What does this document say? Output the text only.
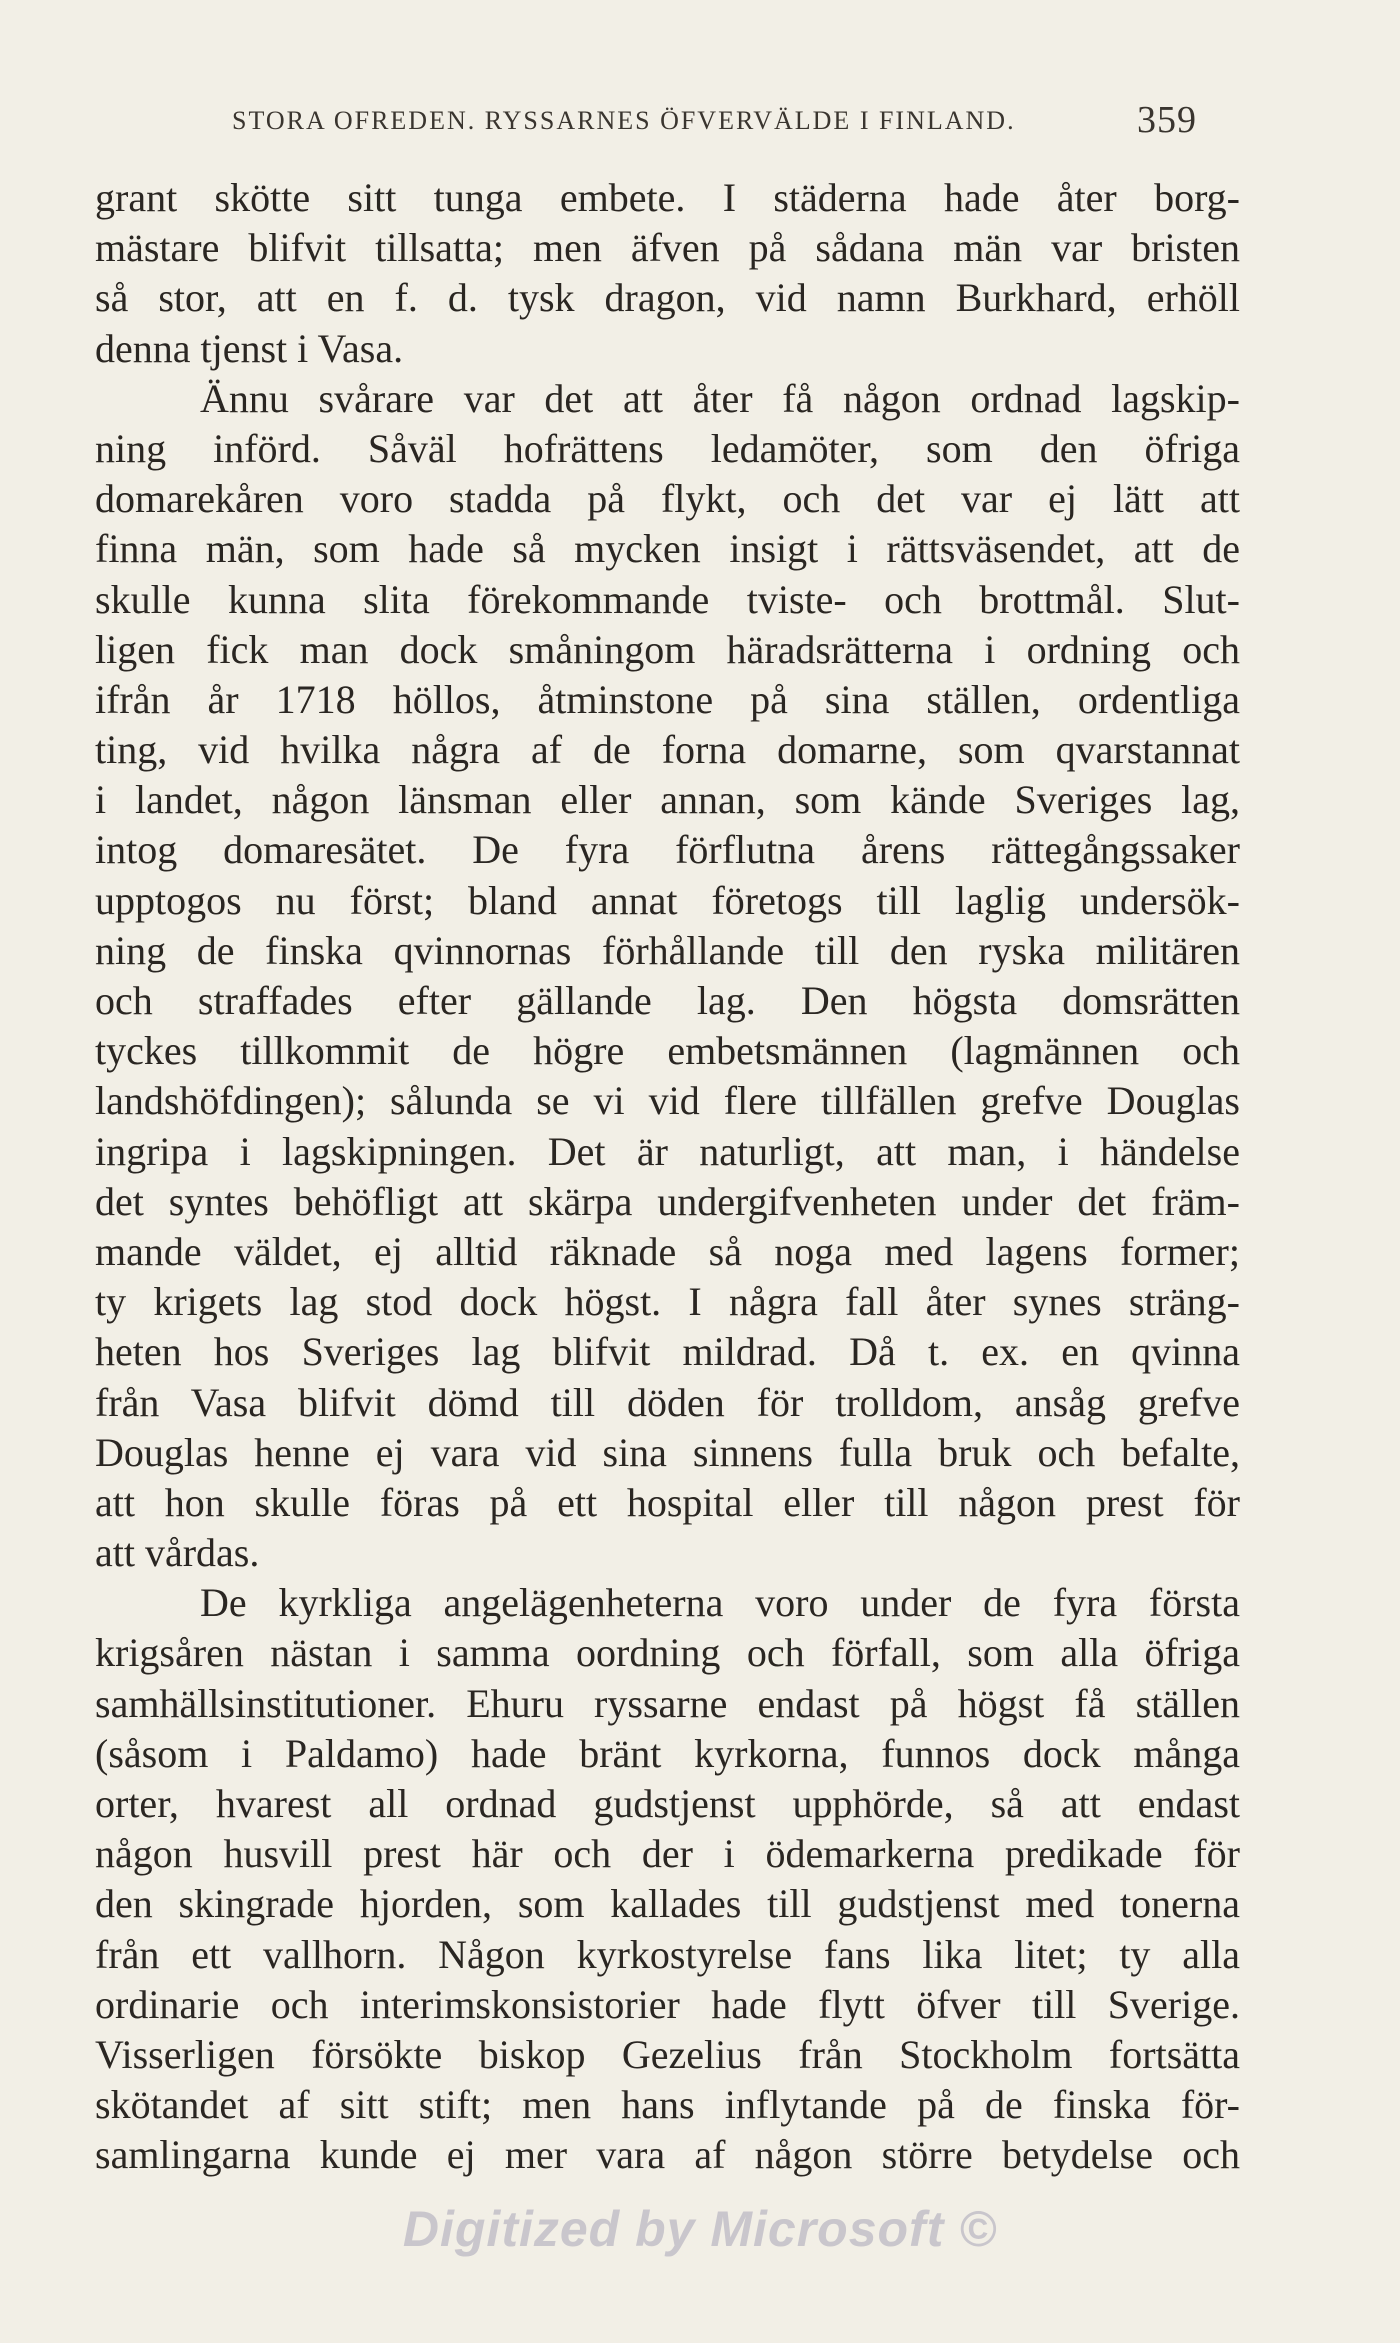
STORA OFREDEN. RYSSARNES ÖFVERVÄLDE I FINLAND.	359
grant skötte sitt tunga embete. I städerna hade åter borg-
mästare blifvit tillsatta; men äfven på sådana män var bristen
så stor, att en f. d. tysk dragon, vid namn Burkhard, erhöll
denna tjenst i Vasa.
Ännu svårare var det att åter få någon ordnad lagskip-
ning införd. Såväl hofrättens ledamöter, som den öfriga
domarekåren voro stadda på flykt, och det var ej lätt att
finna män, som hade så mycken insigt i rättsväsendet, att de
skulle kunna slita förekommande tviste- och brottmål. Slut-
ligen fick man dock småningom häradsrätterna i ordning och
ifrån år 1718 höllos, åtminstone på sina ställen, ordentliga
ting, vid hvilka några af de forna domarne, som qvarstannat
i landet, någon länsman eller annan, som kände Sveriges lag,
intog domaresätet. De fyra förflutna årens rättegångssaker
upptogos nu först; bland annat företogs till laglig undersök-
ning de finska qvinnornas förhållande till den ryska militären
och straffades efter gällande lag. Den högsta domsrätten
tyckes tillkommit de högre embetsmännen (lagmännen och
landshöfdingen); sålunda se vi vid flere tillfällen grefve Douglas
ingripa i lagskipningen. Det är naturligt, att man, i händelse
det syntes behöfligt att skärpa undergifvenheten under det främ-
mande väldet, ej alltid räknade så noga med lagens former;
ty krigets lag stod dock högst. I några fall åter synes sträng-
heten hos Sveriges lag blifvit mildrad. Då t. ex. en qvinna
från Vasa blifvit dömd till döden för trolldom, ansåg grefve
Douglas henne ej vara vid sina sinnens fulla bruk och befalte,
att hon skulle föras på ett hospital eller till någon prest för
att vårdas.
De kyrkliga angelägenheterna voro under de fyra första
krigsåren nästan i samma oordning och förfall, som alla öfriga
samhällsinstitutioner. Ehuru ryssarne endast på högst få ställen
(såsom i Paldamo) hade bränt kyrkorna, funnos dock många
orter, hvarest all ordnad gudstjenst upphörde, så att endast
någon husvill prest här och der i ödemarkerna predikade för
den skingrade hjorden, som kallades till gudstjenst med tonerna
från ett vallhorn. Någon kyrkostyrelse fans lika litet; ty alla
ordinarie och interimskonsistorier hade flytt öfver till Sverige.
Visserligen försökte biskop Gezelius från Stockholm fortsätta
skötandet af sitt stift; men hans inflytande på de finska för-
samlingarna kunde ej mer vara af någon större betydelse och
Digitized by Microsoft ©
